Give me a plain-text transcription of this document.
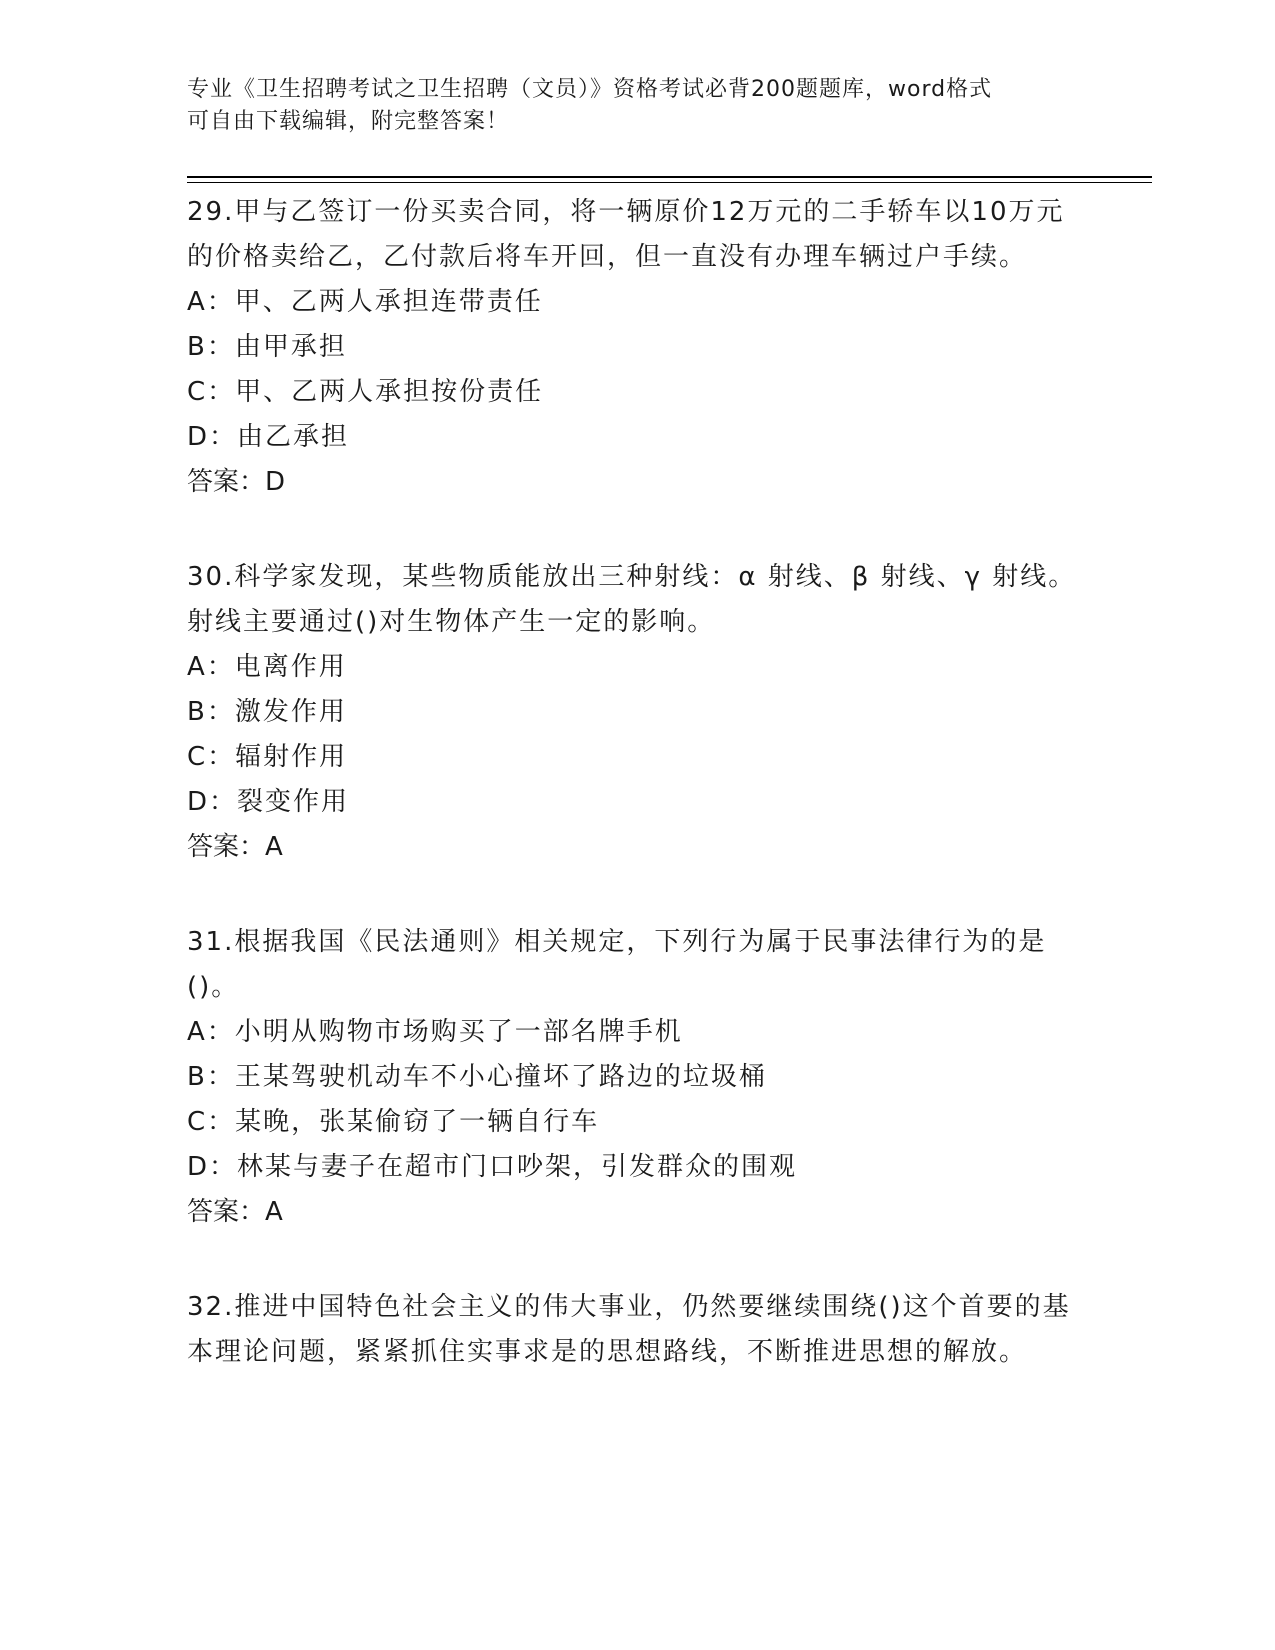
专业《卫生招聘考试之卫生招聘（文员）》资格考试必背200题题库，word格式

可自由下载编辑，附完整答案！

29.甲与乙签订一份买卖合同，将一辆原价12万元的二手轿车以10万元的价格卖给乙，乙付款后将车开回，但一直没有办理车辆过户手续。

A：甲、乙两人承担连带责任
B：由甲承担
C：甲、乙两人承担按份责任
D：由乙承担

答案：D

30.科学家发现，某些物质能放出三种射线：α 射线、β 射线、γ 射线。射线主要通过()对生物体产生一定的影响。

A：电离作用
B：激发作用
C：辐射作用
D：裂变作用

答案：A

31.根据我国《民法通则》相关规定，下列行为属于民事法律行为的是()。

A：小明从购物市场购买了一部名牌手机
B：王某驾驶机动车不小心撞坏了路边的垃圾桶
C：某晚，张某偷窃了一辆自行车
D：林某与妻子在超市门口吵架，引发群众的围观

答案：A

32.推进中国特色社会主义的伟大事业，仍然要继续围绕()这个首要的基本理论问题，紧紧抓住实事求是的思想路线，不断推进思想的解放。
